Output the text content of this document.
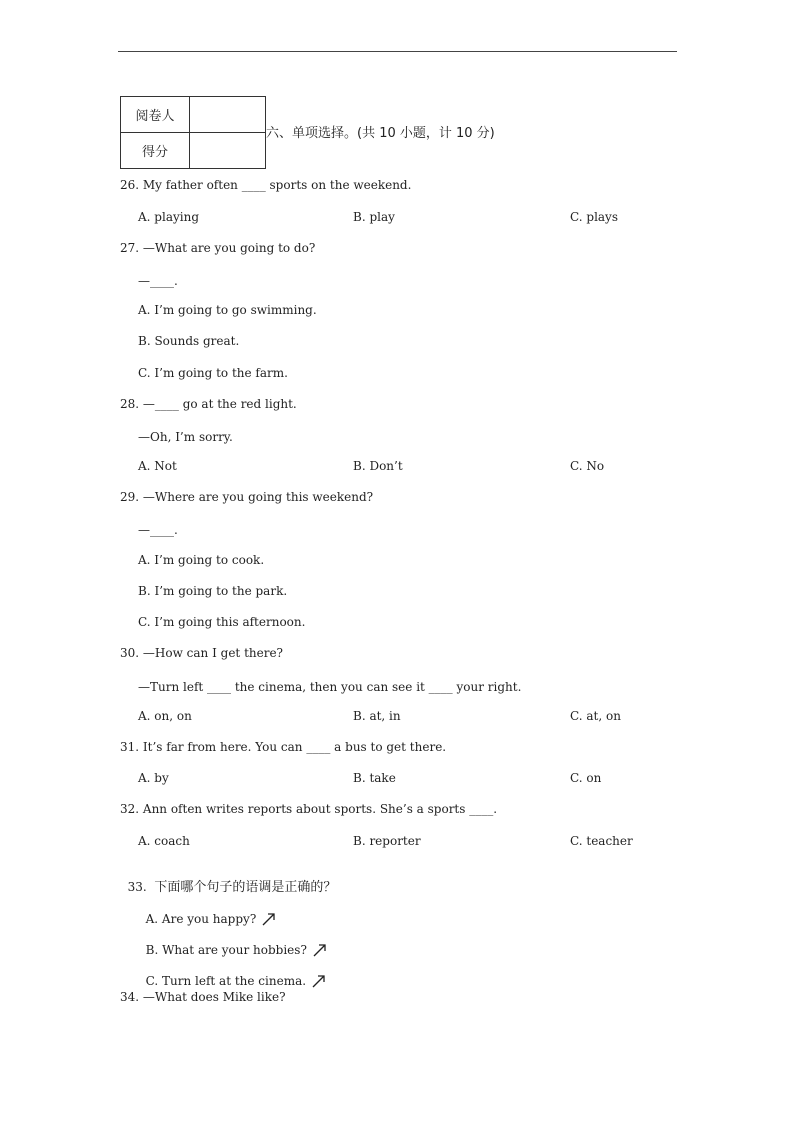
阅卷人	
得分	
六、单项选择。(共 10 小题，计 10 分)
26. My father often ____ sports on the weekend.
A. playing	B. play	C. plays
27. —What are you going to do?
—____.
A. I’m going to go swimming.
B. Sounds great.
C. I’m going to the farm.
28. —____ go at the red light.
—Oh, I’m sorry.
A. Not	B. Don’t	C. No
29. —Where are you going this weekend?
—____.
A. I’m going to cook.
B. I’m going to the park.
C. I’m going this afternoon.
30. —How can I get there?
—Turn left ____ the cinema, then you can see it ____ your right.
A. on, on	B. at, in	C. at, on
31. It’s far from here. You can ____ a bus to get there.
A. by	B. take	C. on
32. Ann often writes reports about sports. She’s a sports ____.
A. coach	B. reporter	C. teacher

33. 下面哪个句子的语调是正确的？

A. Are you happy?

B. What are your hobbies?

C. Turn left at the cinema.

34. —What does Mike like?
